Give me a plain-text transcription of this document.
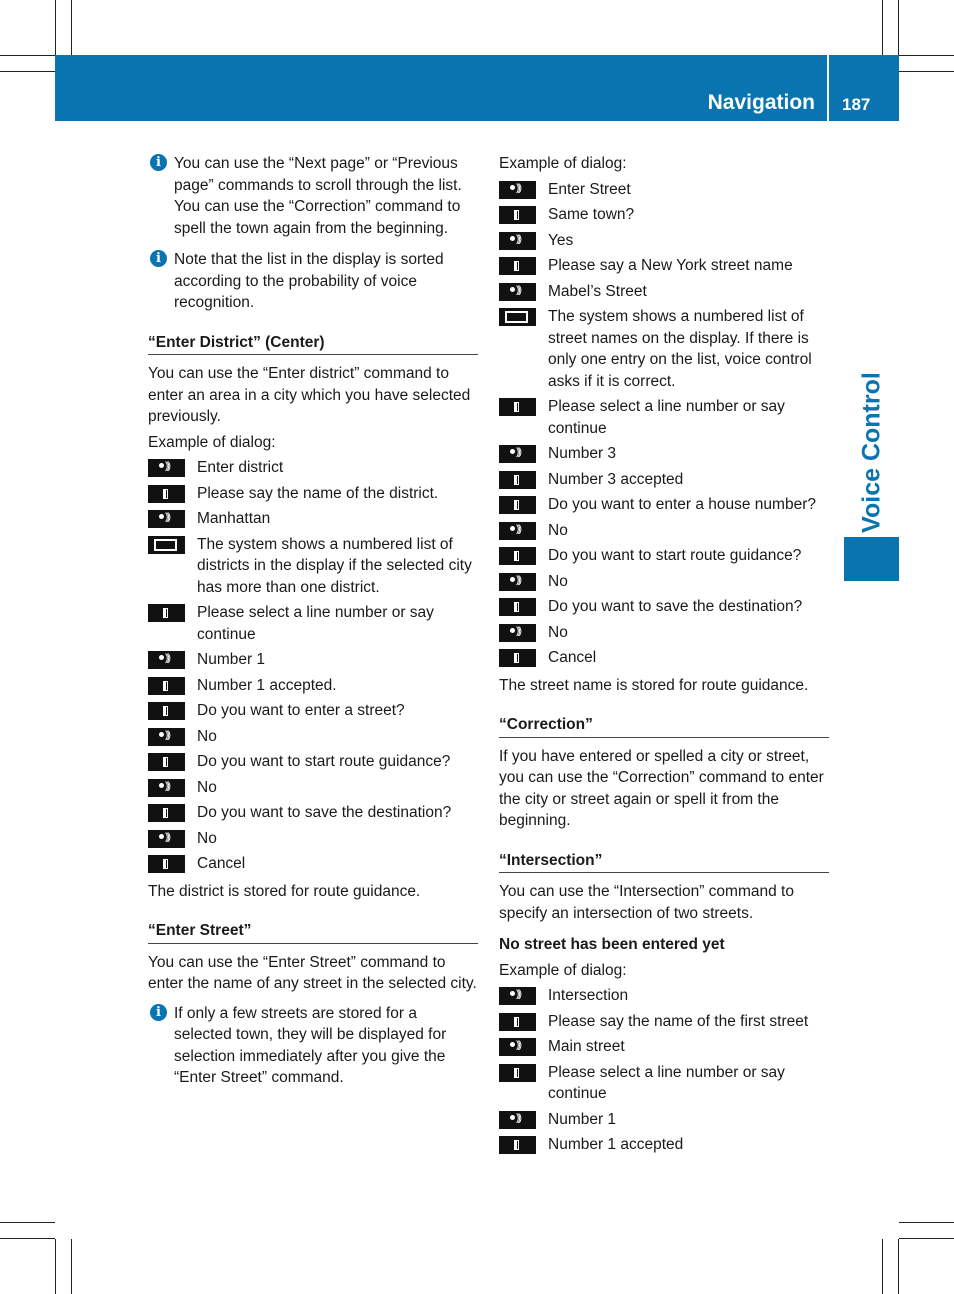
Navigation 187
Voice Control
i You can use the “Next page” or “Previous page” commands to scroll through the list. You can use the “Correction” command to spell the town again from the beginning.
i Note that the list in the display is sorted according to the probability of voice recognition.
“Enter District” (Center)

You can use the “Enter district” command to enter an area in a city which you have selected previously.

Example of dialog:

)))
Enter district
Please say the name of the district.
)))
Manhattan
The system shows a numbered list of districts in the display if the selected city has more than one district.
Please select a line number or say continue
)))
Number 1
Number 1 accepted.
Do you want to enter a street?
)))
No
Do you want to start route guidance?
)))
No
Do you want to save the destination?
)))
No
Cancel

The district is stored for route guidance.

“Enter Street”

You can use the “Enter Street” command to enter the name of any street in the selected city.

i If only a few streets are stored for a selected town, they will be displayed for selection immediately after you give the “Enter Street” command.

Example of dialog:

)))
Enter Street
Same town?
)))
Yes
Please say a New York street name
)))
Mabel’s Street
The system shows a numbered list of street names on the display. If there is only one entry on the list, voice control asks if it is correct.
Please select a line number or say continue
)))
Number 3
Number 3 accepted
Do you want to enter a house number?
)))
No
Do you want to start route guidance?
)))
No
Do you want to save the destination?
)))
No
Cancel

The street name is stored for route guidance.

“Correction”

If you have entered or spelled a city or street, you can use the “Correction” command to enter the city or street again or spell it from the beginning.

“Intersection”

You can use the “Intersection” command to specify an intersection of two streets.

No street has been entered yet

Example of dialog:

)))
Intersection
Please say the name of the first street
)))
Main street
Please select a line number or say continue
)))
Number 1
Number 1 accepted
